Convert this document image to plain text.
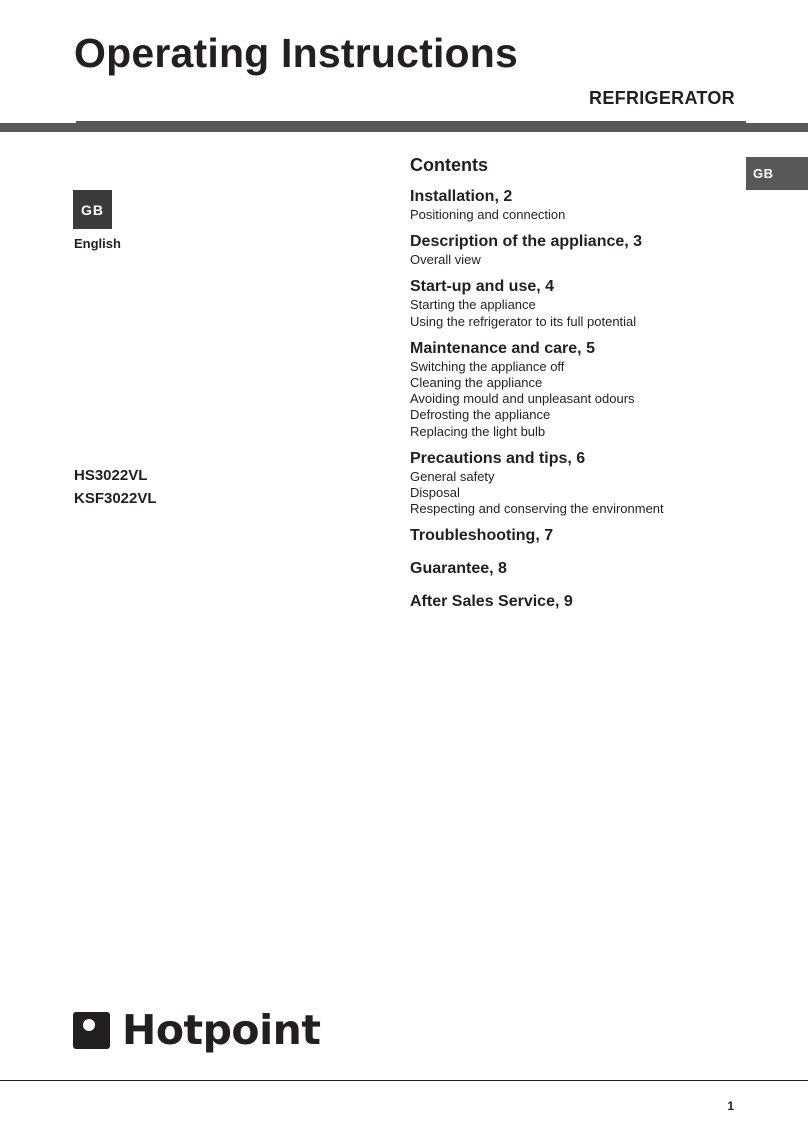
Operating Instructions
REFRIGERATOR
GB
English
GB
HS3022VL
KSF3022VL
Contents
Installation, 2
Positioning and connection
Description of the appliance, 3
Overall view
Start-up and use, 4
Starting the appliance
Using the refrigerator to its full potential
Maintenance and care, 5
Switching the appliance off
Cleaning the appliance
Avoiding mould and unpleasant odours
Defrosting the appliance
Replacing the light bulb
Precautions and tips, 6
General safety
Disposal
Respecting and conserving the environment
Troubleshooting, 7
Guarantee, 8
After Sales Service, 9
Hotpoint
1
